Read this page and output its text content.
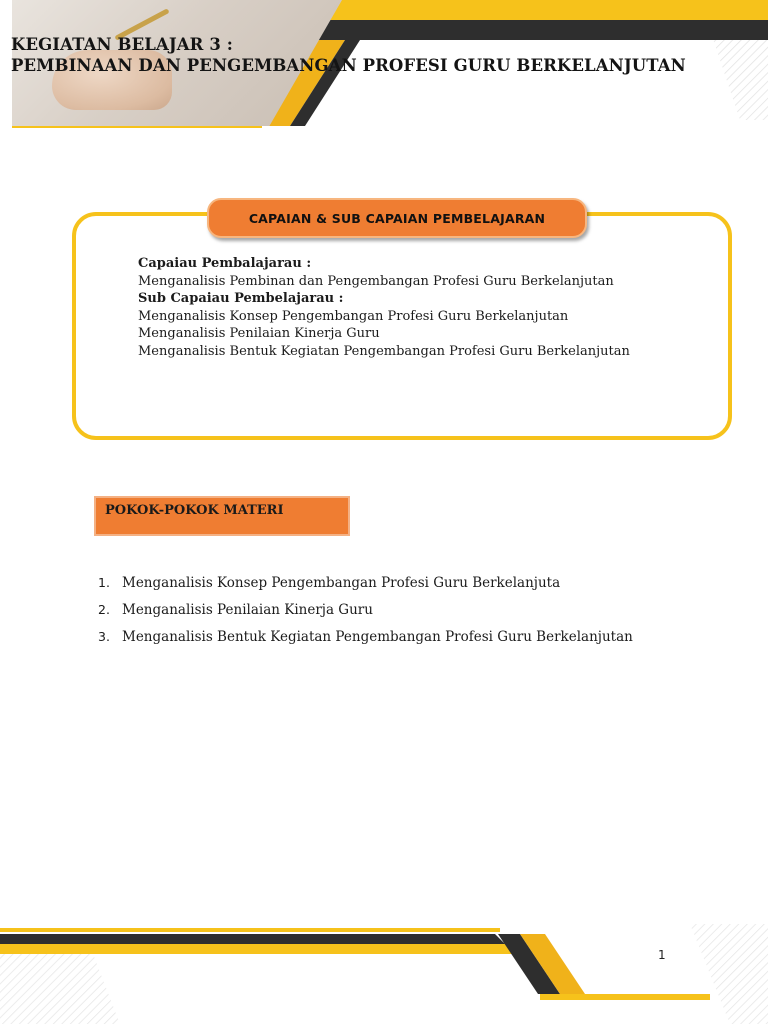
KEGIATAN BELAJAR 3 :
PEMBINAAN DAN PENGEMBANGAN PROFESI GURU BERKELANJUTAN
CAPAIAN & SUB CAPAIAN PEMBELAJARAN
Capaiau Pembalajarau :
Menganalisis Pembinan dan Pengembangan Profesi Guru Berkelanjutan
Sub Capaiau Pembelajarau :
Menganalisis Konsep Pengembangan Profesi Guru Berkelanjutan
Menganalisis Penilaian Kinerja Guru
Menganalisis Bentuk Kegiatan Pengembangan Profesi Guru Berkelanjutan
POKOK-POKOK MATERI
1. Menganalisis Konsep Pengembangan Profesi Guru Berkelanjuta
2. Menganalisis Penilaian Kinerja Guru
3. Menganalisis Bentuk Kegiatan Pengembangan Profesi Guru Berkelanjutan
1
